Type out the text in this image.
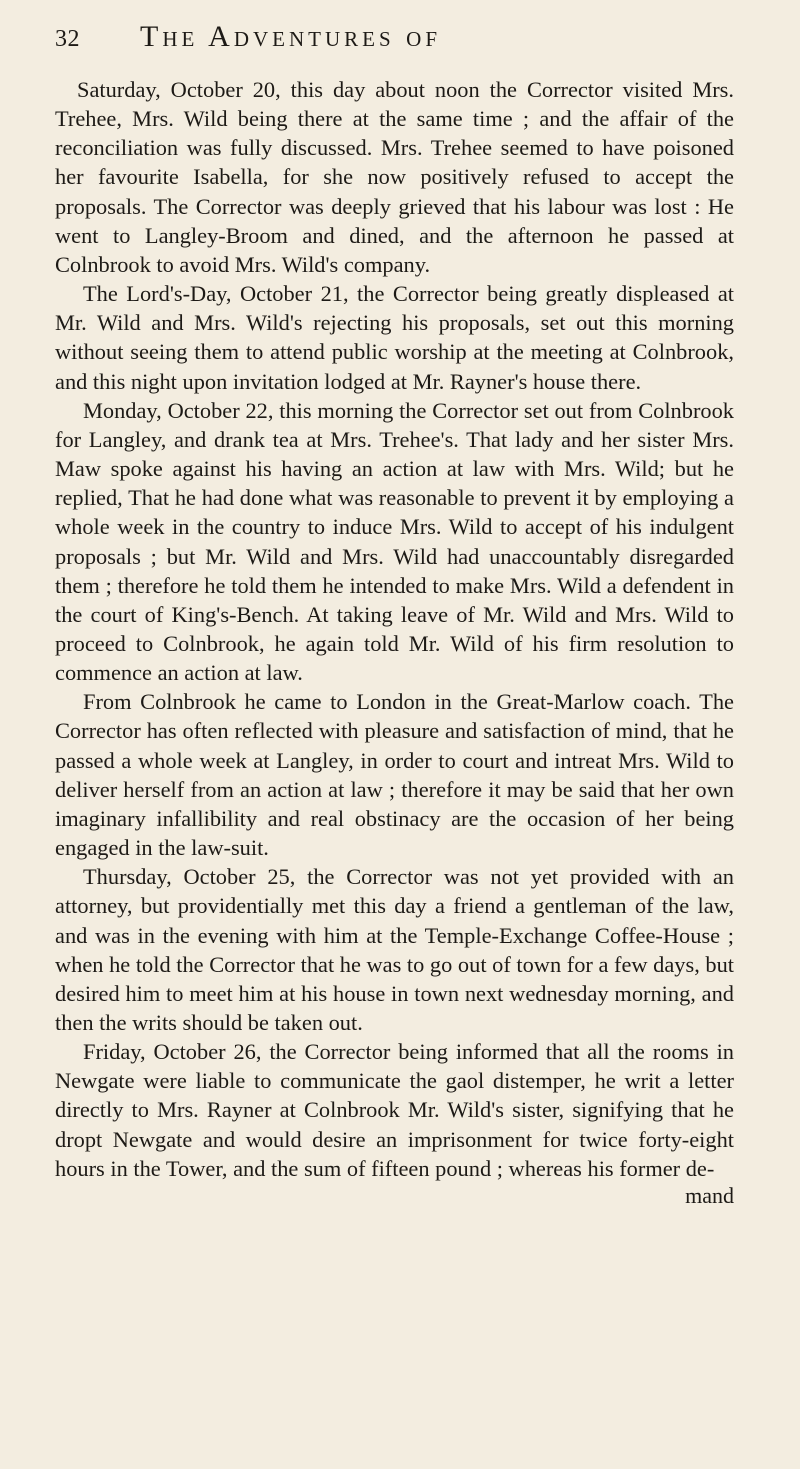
32	The Adventures of

Saturday, October 20, this day about noon the Corrector visited Mrs. Trehee, Mrs. Wild being there at the same time ; and the affair of the reconciliation was fully discussed. Mrs. Trehee seemed to have poisoned her favourite Isabella, for she now positively refused to accept the proposals. The Corrector was deeply grieved that his labour was lost : He went to Langley-Broom and dined, and the afternoon he passed at Colnbrook to avoid Mrs. Wild's company.

The Lord's-Day, October 21, the Corrector being greatly displeased at Mr. Wild and Mrs. Wild's rejecting his proposals, set out this morning without seeing them to attend public worship at the meeting at Colnbrook, and this night upon invitation lodged at Mr. Rayner's house there.

Monday, October 22, this morning the Corrector set out from Colnbrook for Langley, and drank tea at Mrs. Trehee's. That lady and her sister Mrs. Maw spoke against his having an action at law with Mrs. Wild; but he replied, That he had done what was reasonable to prevent it by employing a whole week in the country to induce Mrs. Wild to accept of his indulgent proposals ; but Mr. Wild and Mrs. Wild had unaccountably disregarded them ; therefore he told them he intended to make Mrs. Wild a defendent in the court of King's-Bench. At taking leave of Mr. Wild and Mrs. Wild to proceed to Colnbrook, he again told Mr. Wild of his firm resolution to commence an action at law.

From Colnbrook he came to London in the Great-Marlow coach. The Corrector has often reflected with pleasure and satisfaction of mind, that he passed a whole week at Langley, in order to court and intreat Mrs. Wild to deliver herself from an action at law ; therefore it may be said that her own imaginary infallibility and real obstinacy are the occasion of her being engaged in the law-suit.

Thursday, October 25, the Corrector was not yet provided with an attorney, but providentially met this day a friend a gentleman of the law, and was in the evening with him at the Temple-Exchange Coffee-House ; when he told the Corrector that he was to go out of town for a few days, but desired him to meet him at his house in town next wednesday morning, and then the writs should be taken out.

Friday, October 26, the Corrector being informed that all the rooms in Newgate were liable to communicate the gaol distemper, he writ a letter directly to Mrs. Rayner at Colnbrook Mr. Wild's sister, signifying that he dropt Newgate and would desire an imprisonment for twice forty-eight hours in the Tower, and the sum of fifteen pound ; whereas his former de-

mand
